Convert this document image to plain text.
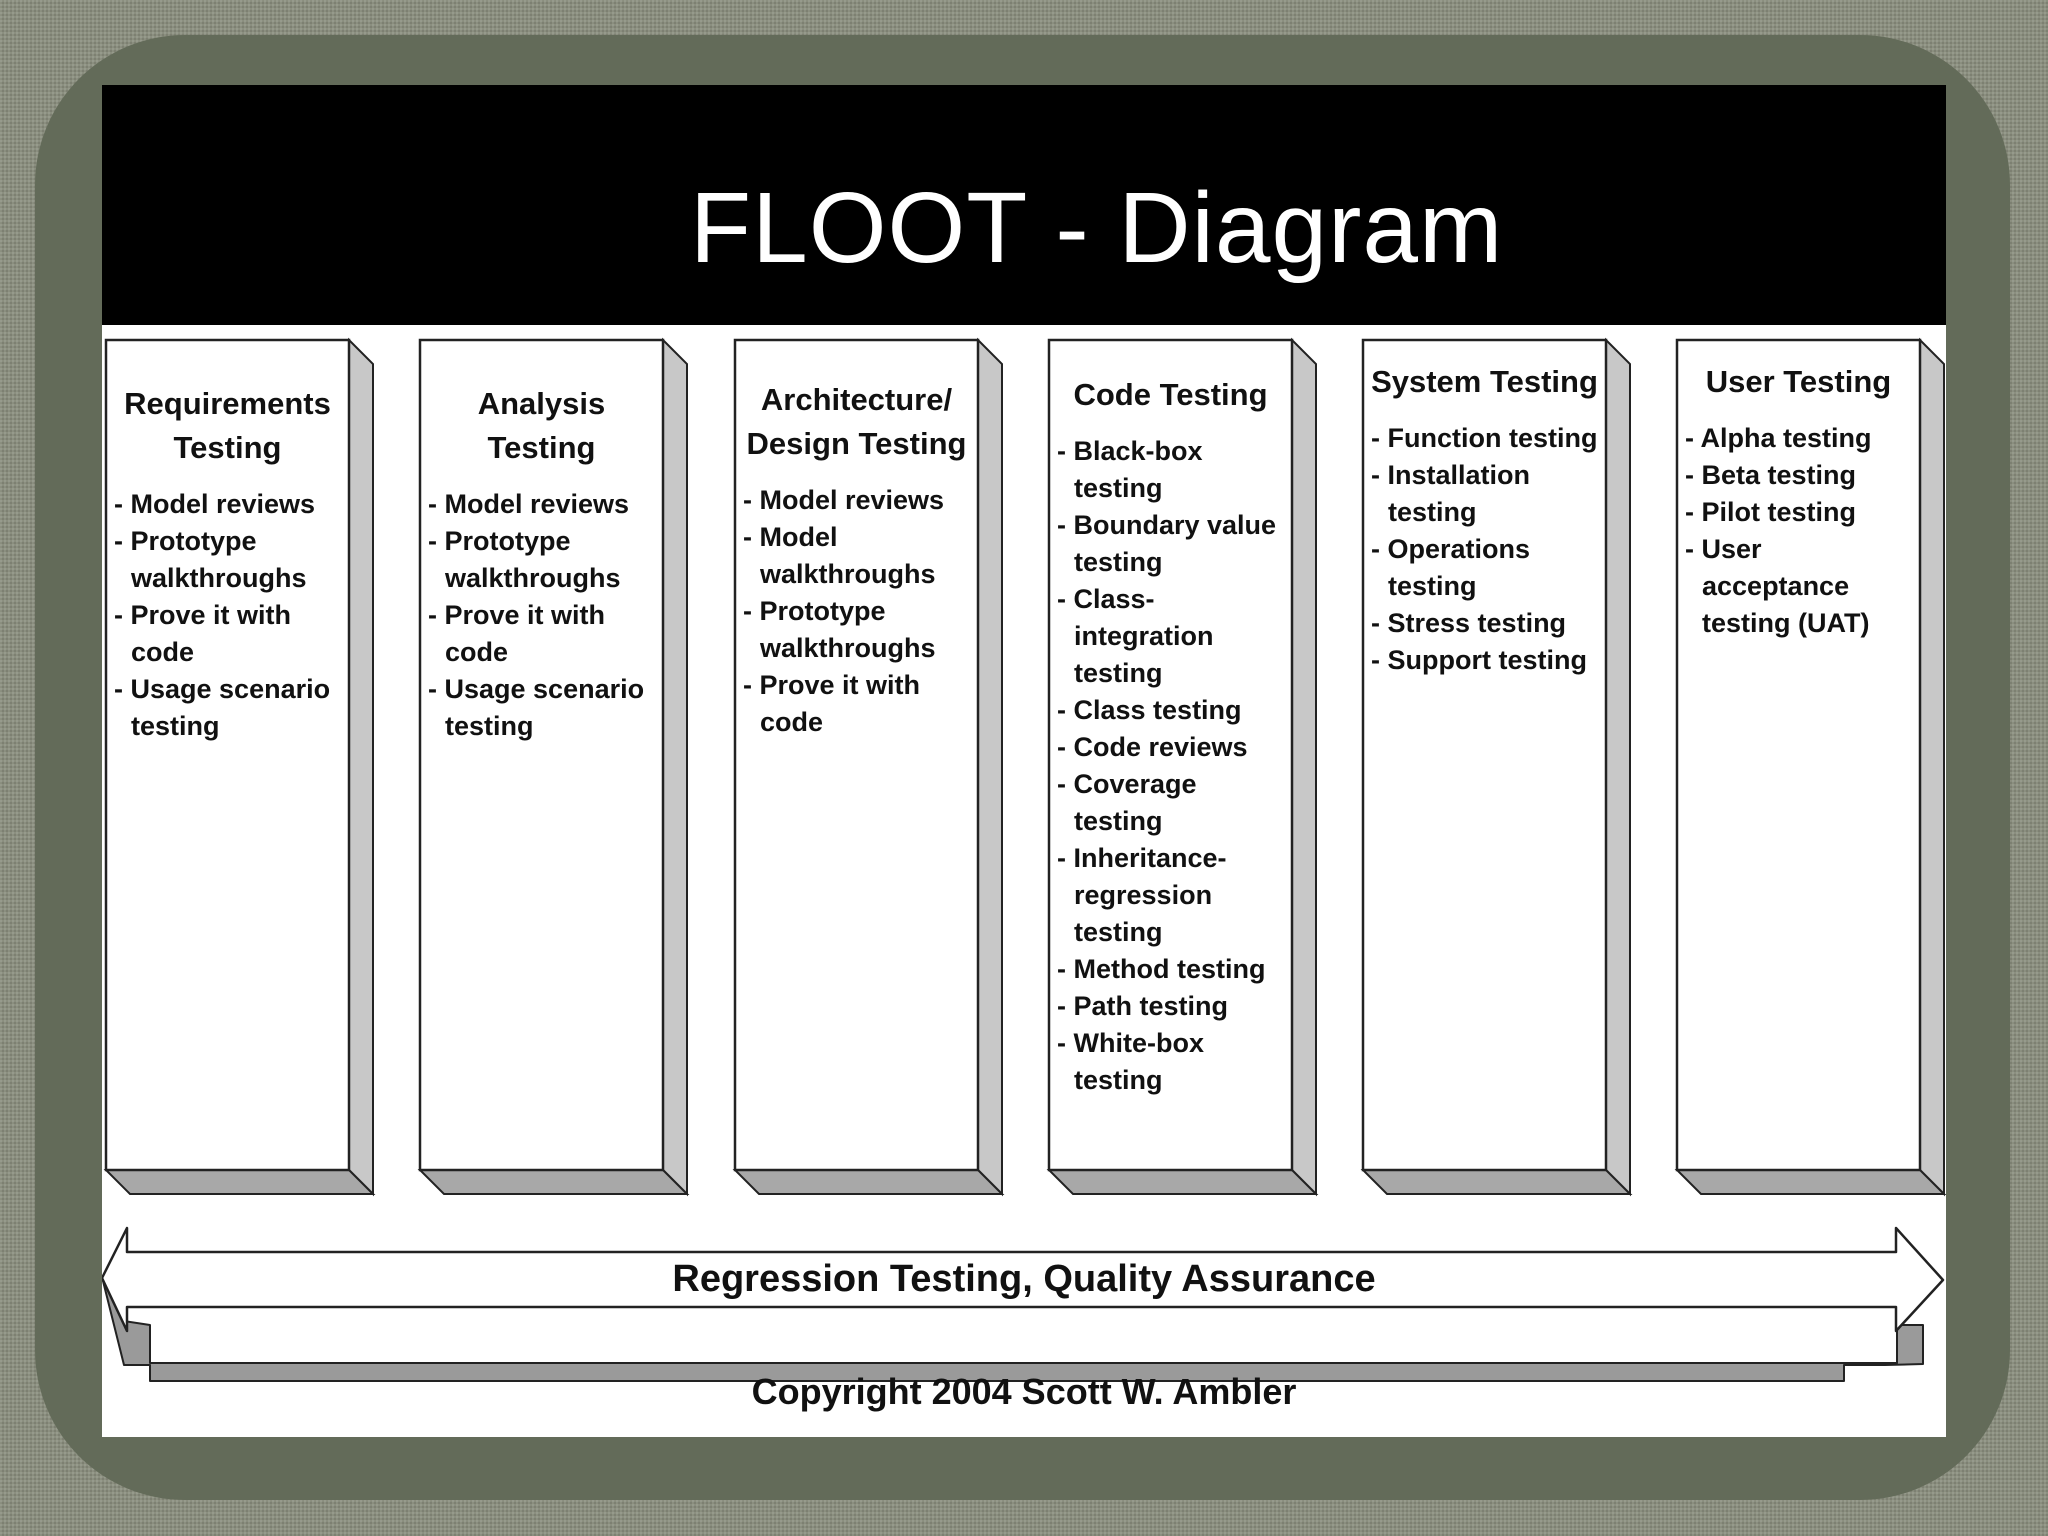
FLOOT - Diagram
Regression Testing, Quality Assurance
Requirements Testing
- Model reviews
- Prototype walkthroughs
- Prove it with code
- Usage scenario testing
Analysis Testing
- Model reviews
- Prototype walkthroughs
- Prove it with code
- Usage scenario testing
Architecture/ Design Testing
- Model reviews
- Model walkthroughs
- Prototype walkthroughs
- Prove it with code
Code Testing
- Black-box testing
- Boundary value testing
- Class-integration testing
- Class testing
- Code reviews
- Coverage testing
- Inheritance-regression testing
- Method testing
- Path testing
- White-box testing
System Testing
- Function testing
- Installation testing
- Operations testing
- Stress testing
- Support testing
User Testing
- Alpha testing
- Beta testing
- Pilot testing
- User acceptance testing (UAT)
Copyright 2004 Scott W. Ambler
